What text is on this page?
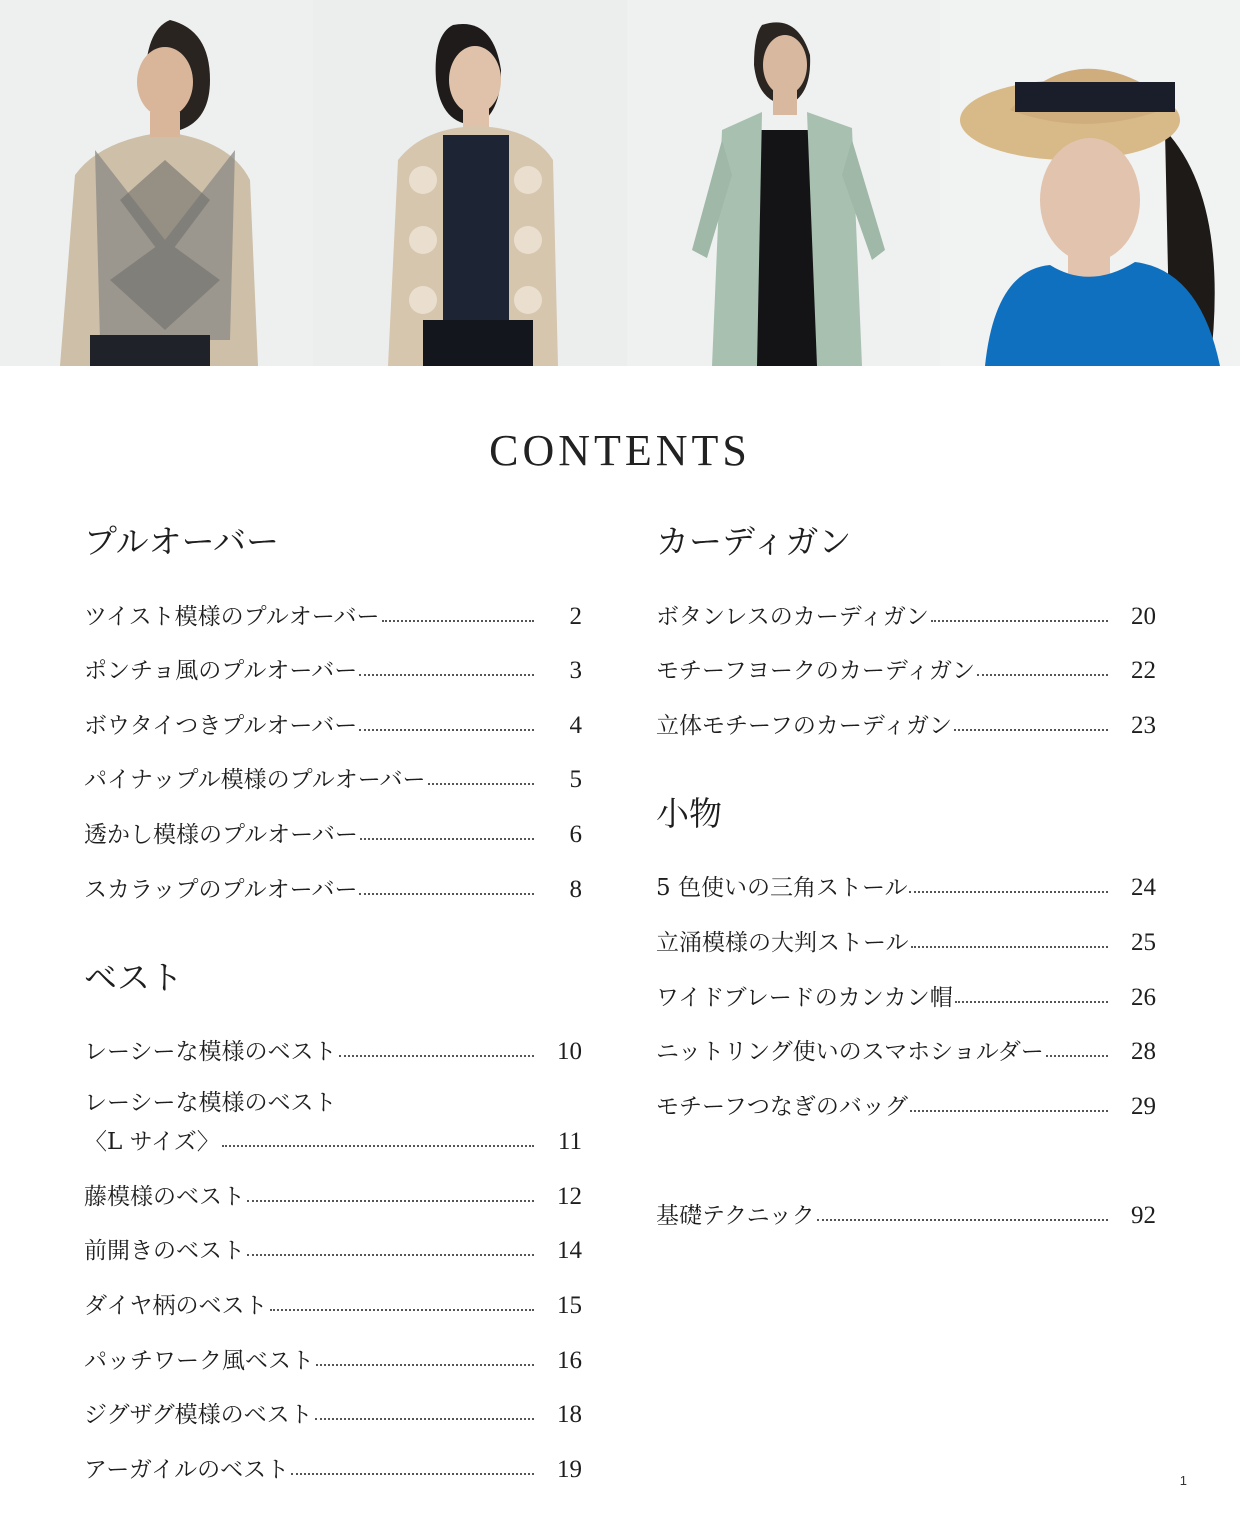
CONTENTS
プルオーバー
ツイスト模様のプルオーバー	2
ポンチョ風のプルオーバー	3
ボウタイつきプルオーバー	4
パイナップル模様のプルオーバー	5
透かし模様のプルオーバー	6
スカラップのプルオーバー	8
ベスト
レーシーな模様のベスト	10
レーシーな模様のベスト
〈L サイズ〉	11
藤模様のベスト	12
前開きのベスト	14
ダイヤ柄のベスト	15
パッチワーク風ベスト	16
ジグザグ模様のベスト	18
アーガイルのベスト	19
カーディガン
ボタンレスのカーディガン	20
モチーフヨークのカーディガン	22
立体モチーフのカーディガン	23
小物
5 色使いの三角ストール	24
立涌模様の大判ストール	25
ワイドブレードのカンカン帽	26
ニットリング使いのスマホショルダー	28
モチーフつなぎのバッグ	29
基礎テクニック	92
1
